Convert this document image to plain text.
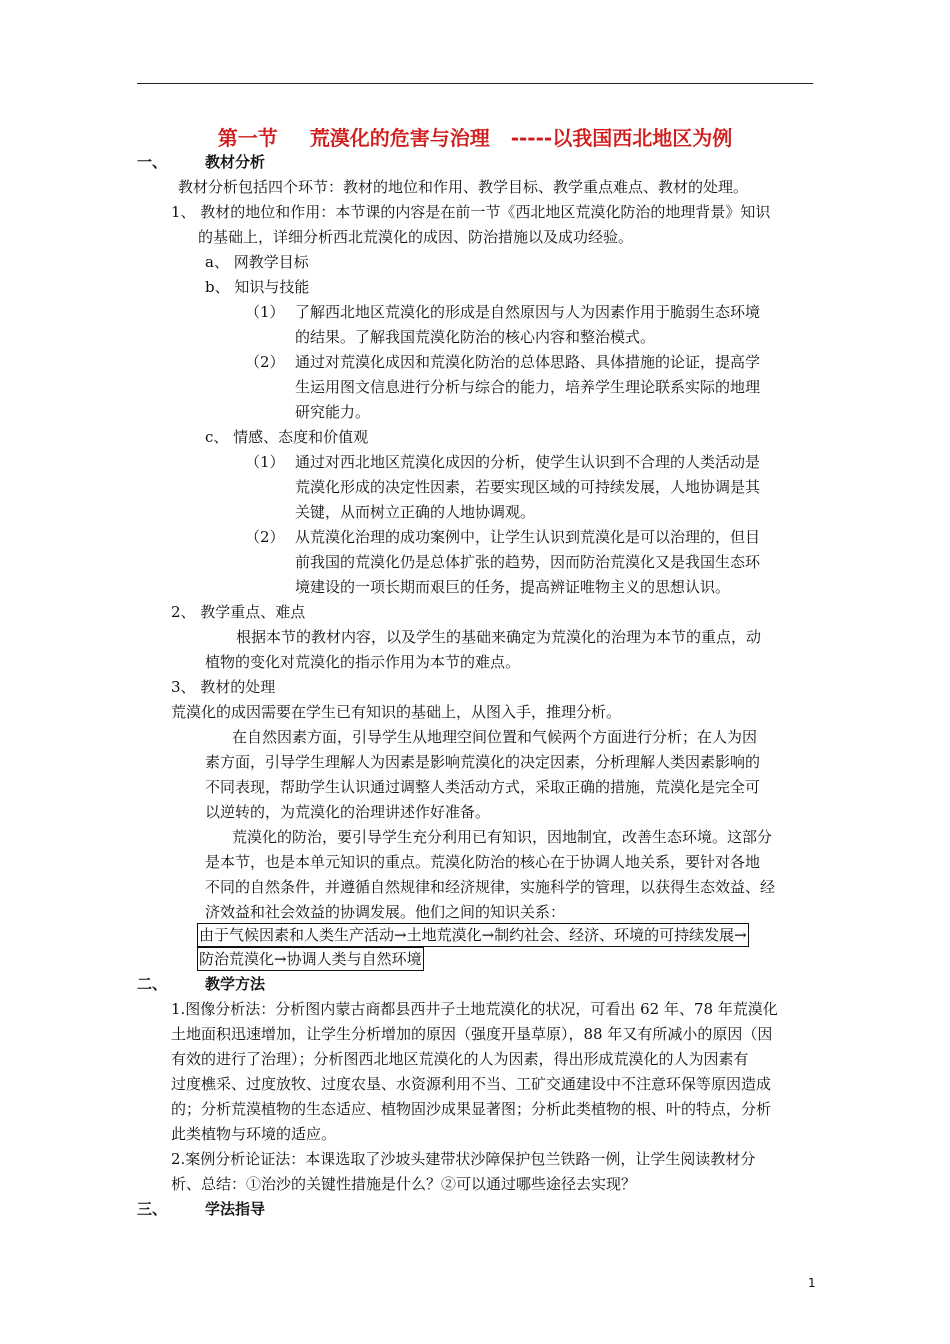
第一节 荒漠化的危害与治理 -----以我国西北地区为例
一、	教材分析
教材分析包括四个环节：教材的地位和作用、教学目标、教学重点难点、教材的处理。
1、 教材的地位和作用：本节课的内容是在前一节《西北地区荒漠化防治的地理背景》知识
的基础上，详细分析西北荒漠化的成因、防治措施以及成功经验。
a、 网教学目标
b、 知识与技能
（1） 了解西北地区荒漠化的形成是自然原因与人为因素作用于脆弱生态环境
的结果。了解我国荒漠化防治的核心内容和整治模式。
（2） 通过对荒漠化成因和荒漠化防治的总体思路、具体措施的论证，提高学
生运用图文信息进行分析与综合的能力，培养学生理论联系实际的地理
研究能力。
c、 情感、态度和价值观
（1） 通过对西北地区荒漠化成因的分析，使学生认识到不合理的人类活动是
荒漠化形成的决定性因素，若要实现区域的可持续发展，人地协调是其
关键，从而树立正确的人地协调观。
（2） 从荒漠化治理的成功案例中，让学生认识到荒漠化是可以治理的，但目
前我国的荒漠化仍是总体扩张的趋势，因而防治荒漠化又是我国生态环
境建设的一项长期而艰巨的任务，提高辨证唯物主义的思想认识。
2、 教学重点、难点
根据本节的教材内容，以及学生的基础来确定为荒漠化的治理为本节的重点，动
植物的变化对荒漠化的指示作用为本节的难点。
3、 教材的处理
荒漠化的成因需要在学生已有知识的基础上，从图入手，推理分析。
在自然因素方面，引导学生从地理空间位置和气候两个方面进行分析；在人为因
素方面，引导学生理解人为因素是影响荒漠化的决定因素，分析理解人类因素影响的
不同表现，帮助学生认识通过调整人类活动方式，采取正确的措施，荒漠化是完全可
以逆转的，为荒漠化的治理讲述作好准备。
荒漠化的防治，要引导学生充分利用已有知识，因地制宜，改善生态环境。这部分
是本节，也是本单元知识的重点。荒漠化防治的核心在于协调人地关系，要针对各地
不同的自然条件，并遵循自然规律和经济规律，实施科学的管理，以获得生态效益、经
济效益和社会效益的协调发展。他们之间的知识关系：
由于气候因素和人类生产活动→土地荒漠化→制约社会、经济、环境的可持续发展→
防治荒漠化→协调人类与自然环境
二、	教学方法
1.图像分析法：分析图内蒙古商都县西井子土地荒漠化的状况，可看出 62 年、78 年荒漠化
土地面积迅速增加，让学生分析增加的原因（强度开垦草原），88 年又有所减小的原因（因
有效的进行了治理）；分析图西北地区荒漠化的人为因素，得出形成荒漠化的人为因素有
过度樵采、过度放牧、过度农垦、水资源利用不当、工矿交通建设中不注意环保等原因造成
的；分析荒漠植物的生态适应、植物固沙成果显著图；分析此类植物的根、叶的特点，分析
此类植物与环境的适应。
2.案例分析论证法：本课选取了沙坡头建带状沙障保护包兰铁路一例，让学生阅读教材分
析、总结：①治沙的关键性措施是什么？②可以通过哪些途径去实现？
三、	学法指导
1
